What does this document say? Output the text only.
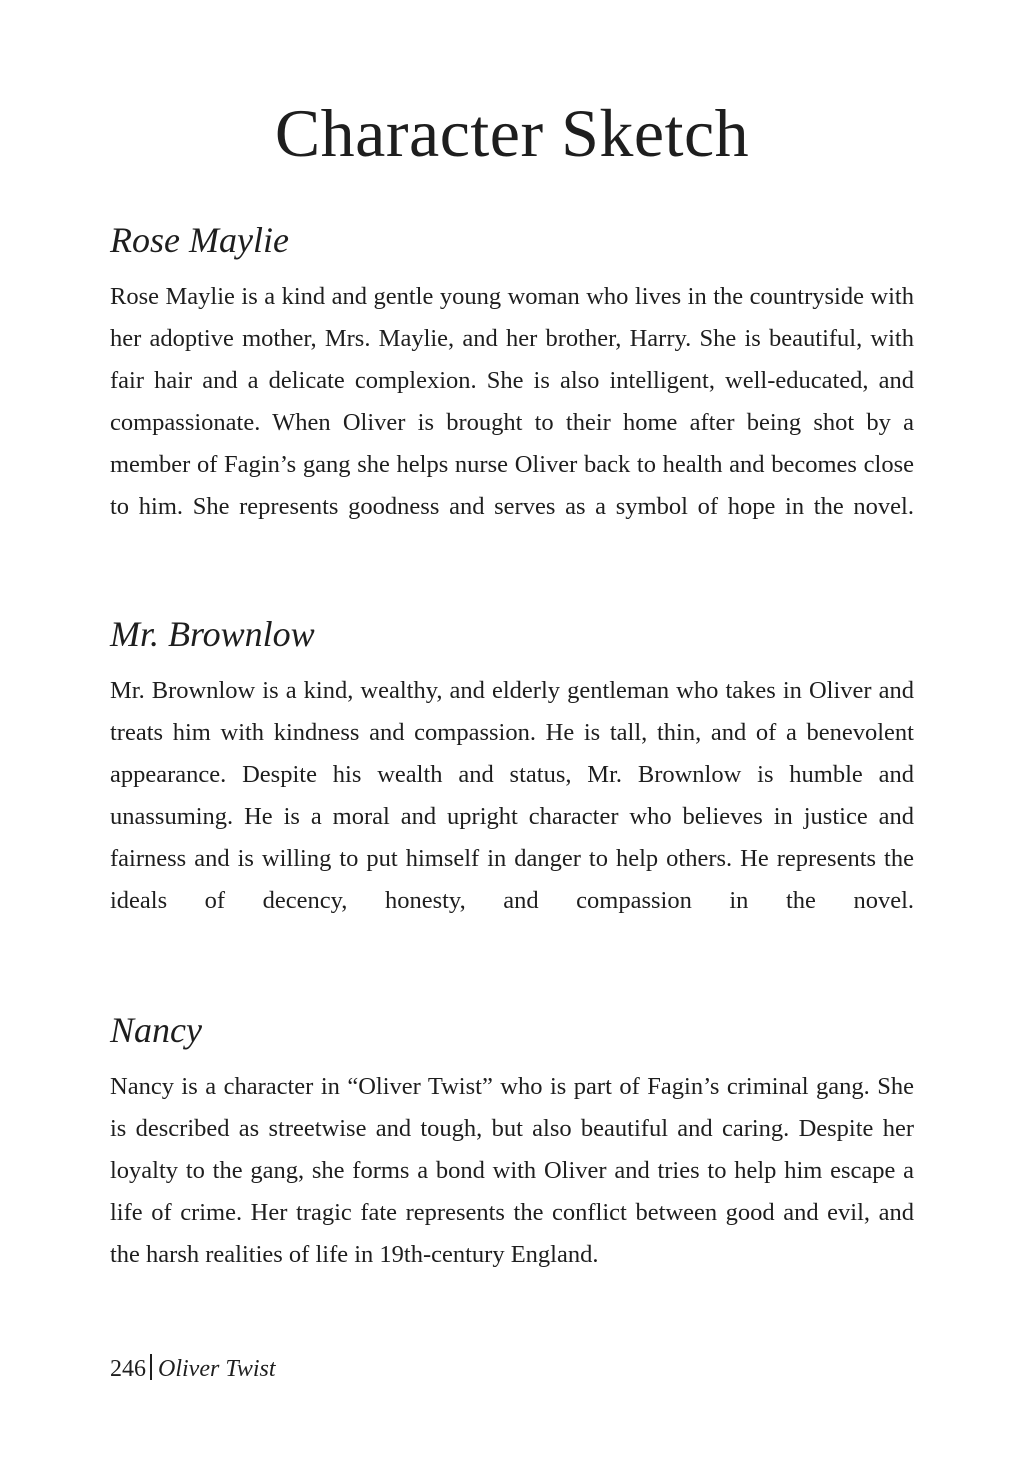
Character Sketch
Rose Maylie

Rose Maylie is a kind and gentle young woman who lives in the countryside with her adoptive mother, Mrs. Maylie, and her brother, Harry. She is beautiful, with fair hair and a delicate complexion. She is also intelligent, well-educated, and compassionate. When Oliver is brought to their home after being shot by a member of Fagin’s gang she helps nurse Oliver back to health and becomes close to him. She represents goodness and serves as a symbol of hope in the novel.

Mr. Brownlow

Mr. Brownlow is a kind, wealthy, and elderly gentleman who takes in Oliver and treats him with kindness and compassion. He is tall, thin, and of a benevolent appearance. Despite his wealth and status, Mr. Brownlow is humble and unassuming. He is a moral and upright character who believes in justice and fairness and is willing to put himself in danger to help others. He represents the ideals of decency, honesty, and compassion in the novel.

Nancy

Nancy is a character in “Oliver Twist” who is part of Fagin’s criminal gang. She is described as streetwise and tough, but also beautiful and caring. Despite her loyalty to the gang, she forms a bond with Oliver and tries to help him escape a life of crime. Her tragic fate represents the conflict between good and evil, and the harsh realities of life in 19th-century England.

246 Oliver Twist
